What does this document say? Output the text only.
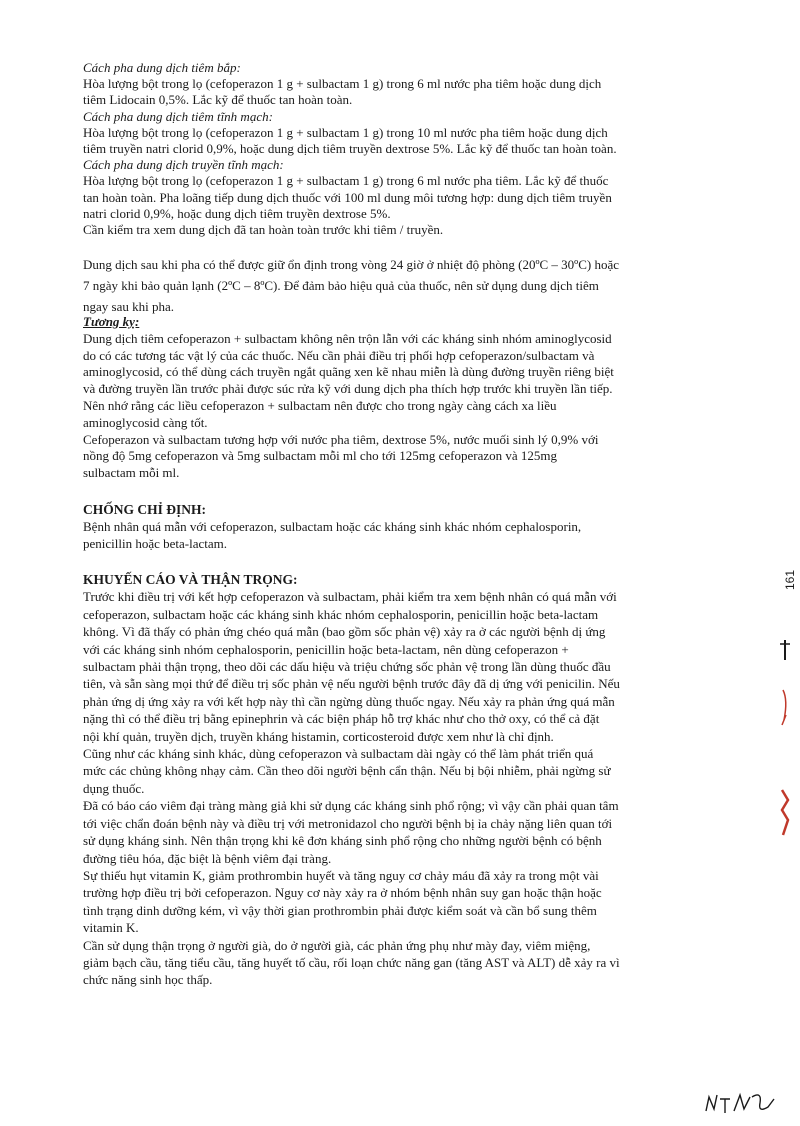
Cách pha dung dịch tiêm bắp:

Hòa lượng bột trong lọ (cefoperazon 1 g + sulbactam 1 g) trong 6 ml nước pha tiêm hoặc dung dịch

tiêm Lidocain 0,5%. Lắc kỹ để thuốc tan hoàn toàn.

Cách pha dung dịch tiêm tĩnh mạch:

Hòa lượng bột trong lọ (cefoperazon 1 g + sulbactam 1 g) trong 10 ml nước pha tiêm hoặc dung dịch

tiêm truyền natri clorid 0,9%, hoặc dung dịch tiêm truyền dextrose 5%. Lắc kỹ để thuốc tan hoàn toàn.

Cách pha dung dịch truyền tĩnh mạch:

Hòa lượng bột trong lọ (cefoperazon 1 g + sulbactam 1 g) trong 6 ml nước pha tiêm. Lắc kỹ để thuốc

tan hoàn toàn. Pha loãng tiếp dung dịch thuốc với 100 ml dung môi tương hợp: dung dịch tiêm truyền

natri clorid 0,9%, hoặc dung dịch tiêm truyền dextrose 5%.

Cần kiểm tra xem dung dịch đã tan hoàn toàn trước khi tiêm / truyền.

Dung dịch sau khi pha có thể được giữ ổn định trong vòng 24 giờ ở nhiệt độ phòng (20ºC – 30ºC) hoặc

7 ngày khi bảo quản lạnh (2ºC – 8ºC). Để đảm bảo hiệu quả của thuốc, nên sử dụng dung dịch tiêm

ngay sau khi pha.

Tương kỵ:

Dung dịch tiêm cefoperazon + sulbactam không nên trộn lẫn với các kháng sinh nhóm aminoglycosid

do có các tương tác vật lý của các thuốc. Nếu cần phải điều trị phối hợp cefoperazon/sulbactam và

aminoglycosid, có thể dùng cách truyền ngắt quãng xen kẽ nhau miễn là dùng đường truyền riêng biệt

và đường truyền lần trước phải được súc rửa kỹ với dung dịch pha thích hợp trước khi truyền lần tiếp.

Nên nhớ rằng các liều cefoperazon + sulbactam nên được cho trong ngày càng cách xa liều

aminoglycosid càng tốt.

Cefoperazon và sulbactam tương hợp với nước pha tiêm, dextrose 5%, nước muối sinh lý 0,9% với

nồng độ 5mg cefoperazon và 5mg sulbactam mỗi ml cho tới 125mg cefoperazon và 125mg

sulbactam mỗi ml.

CHỐNG CHỈ ĐỊNH:

Bệnh nhân quá mẫn với cefoperazon, sulbactam hoặc các kháng sinh khác nhóm cephalosporin,

penicillin hoặc beta-lactam.

KHUYẾN CÁO VÀ THẬN TRỌNG:

Trước khi điều trị với kết hợp cefoperazon và sulbactam, phải kiểm tra xem bệnh nhân có quá mẫn với

cefoperazon, sulbactam hoặc các kháng sinh khác nhóm cephalosporin, penicillin hoặc beta-lactam

không. Vì đã thấy có phản ứng chéo quá mẫn (bao gồm sốc phản vệ) xảy ra ở các người bệnh dị ứng

với các kháng sinh nhóm cephalosporin, penicillin hoặc beta-lactam, nên dùng cefoperazon +

sulbactam phải thận trọng, theo dõi các dấu hiệu và triệu chứng sốc phản vệ trong lần dùng thuốc đầu

tiên, và sẵn sàng mọi thứ để điều trị sốc phản vệ nếu người bệnh trước đây đã dị ứng với penicilin. Nếu

phản ứng dị ứng xảy ra với kết hợp này thì cần ngừng dùng thuốc ngay. Nếu xảy ra phản ứng quá mẫn

nặng thì có thể điều trị bằng epinephrin và các biện pháp hỗ trợ khác như cho thở oxy, có thể cả đặt

nội khí quản, truyền dịch, truyền kháng histamin, corticosteroid được xem như là chỉ định.

Cũng như các kháng sinh khác, dùng cefoperazon và sulbactam dài ngày có thể làm phát triển quá

mức các chủng không nhạy cảm. Cần theo dõi người bệnh cẩn thận. Nếu bị bội nhiễm, phải ngừng sử

dụng thuốc.

Đã có báo cáo viêm đại tràng màng giả khi sử dụng các kháng sinh phổ rộng; vì vậy cần phải quan tâm

tới việc chẩn đoán bệnh này và điều trị với metronidazol cho người bệnh bị ỉa chảy nặng liên quan tới

sử dụng kháng sinh. Nên thận trọng khi kê đơn kháng sinh phổ rộng cho những người bệnh có bệnh

đường tiêu hóa, đặc biệt là bệnh viêm đại tràng.

Sự thiếu hụt vitamin K, giảm prothrombin huyết và tăng nguy cơ chảy máu đã xảy ra trong một vài

trường hợp điều trị bởi cefoperazon. Nguy cơ này xảy ra ở nhóm bệnh nhân suy gan hoặc thận hoặc

tình trạng dinh dưỡng kém, vì vậy thời gian prothrombin phải được kiểm soát và cần bổ sung thêm

vitamin K.

Cần sử dụng thận trọng ở người già, do ở người già, các phản ứng phụ như mày đay, viêm miệng,

giảm bạch cầu, tăng tiểu cầu, tăng huyết tố cầu, rối loạn chức năng gan (tăng AST và ALT) dễ xảy ra vì

chức năng sinh học thấp.

161
